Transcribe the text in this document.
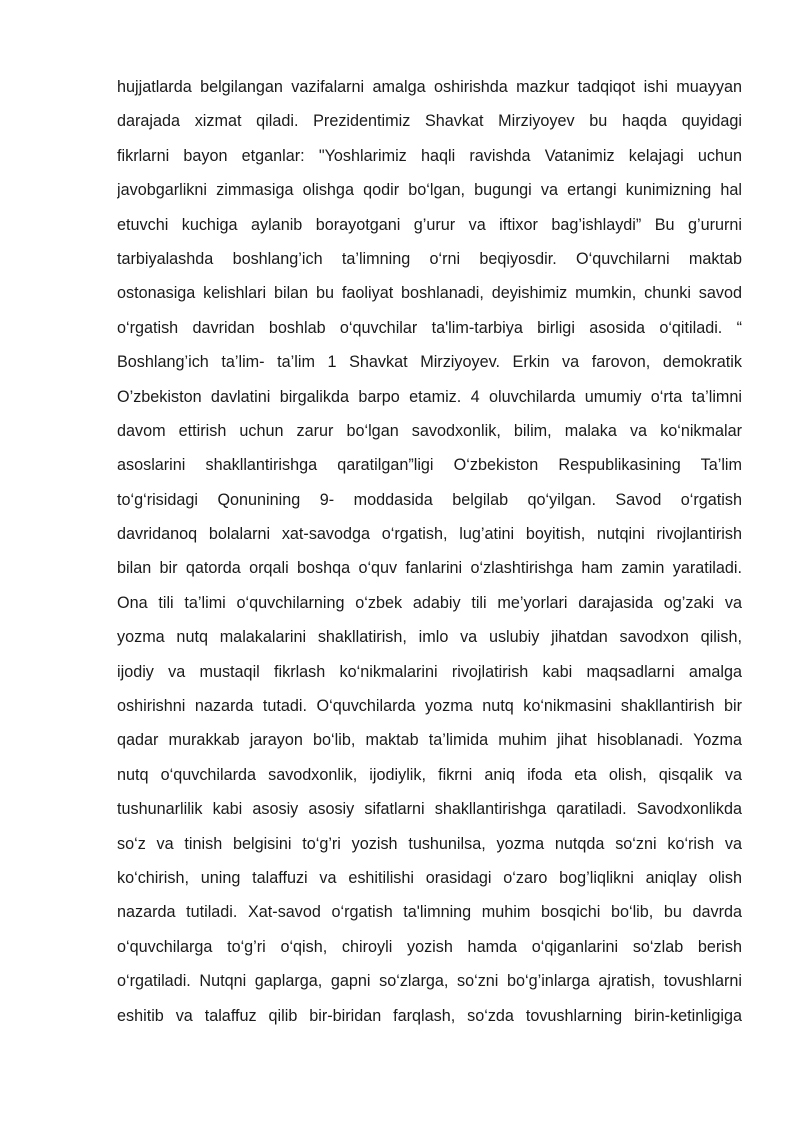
hujjatlarda belgilangan vazifalarni amalga oshirishda mazkur tadqiqot ishi muayyan
darajada xizmat qiladi. Prezidentimiz Shavkat Mirziyoyev bu haqda quyidagi
fikrlarni bayon etganlar: "Yoshlarimiz haqli ravishda Vatanimiz kelajagi uchun
javobgarlikni zimmasiga olishga qodir bo‘lgan, bugungi va ertangi kunimizning hal
etuvchi kuchiga aylanib borayotgani g’urur va iftixor bag’ishlaydi” Bu g’ururni
tarbiyalashda boshlang’ich ta’limning o‘rni beqiyosdir. O‘quvchilarni maktab
ostonasiga kelishlari bilan bu faoliyat boshlanadi, deyishimiz mumkin, chunki savod
o‘rgatish davridan boshlab o‘quvchilar ta'lim-tarbiya birligi asosida o‘qitiladi. “
Boshlang’ich ta’lim- ta’lim 1 Shavkat Mirziyoyev. Erkin va farovon, demokratik
O’zbekiston davlatini birgalikda barpo etamiz. 4 oluvchilarda umumiy o‘rta ta’limni
davom ettirish uchun zarur bo‘lgan savodxonlik, bilim, malaka va ko‘nikmalar
asoslarini shakllantirishga qaratilgan”ligi O‘zbekiston Respublikasining Ta’lim
to‘g‘risidagi Qonunining 9- moddasida belgilab qo‘yilgan. Savod o‘rgatish
davridanoq bolalarni xat-savodga o‘rgatish, lug’atini boyitish, nutqini rivojlantirish
bilan bir qatorda orqali boshqa o‘quv fanlarini o‘zlashtirishga ham zamin yaratiladi.
Ona tili ta’limi o‘quvchilarning o‘zbek adabiy tili me’yorlari darajasida og’zaki va
yozma nutq malakalarini shakllatirish, imlo va uslubiy jihatdan savodxon qilish,
ijodiy va mustaqil fikrlash ko‘nikmalarini rivojlatirish kabi maqsadlarni amalga
oshirishni nazarda tutadi. O‘quvchilarda yozma nutq ko‘nikmasini shakllantirish bir
qadar murakkab jarayon bo‘lib, maktab ta’limida muhim jihat hisoblanadi. Yozma
nutq o‘quvchilarda savodxonlik, ijodiylik, fikrni aniq ifoda eta olish, qisqalik va
tushunarlilik kabi asosiy asosiy sifatlarni shakllantirishga qaratiladi. Savodxonlikda
so‘z va tinish belgisini to‘g’ri yozish tushunilsa, yozma nutqda so‘zni ko‘rish va
ko‘chirish, uning talaffuzi va eshitilishi orasidagi o‘zaro bog’liqlikni aniqlay olish
nazarda tutiladi. Xat-savod o‘rgatish ta'limning muhim bosqichi bo‘lib, bu davrda
o‘quvchilarga to‘g’ri o‘qish, chiroyli yozish hamda o‘qiganlarini so‘zlab berish
o‘rgatiladi. Nutqni gaplarga, gapni so‘zlarga, so‘zni bo‘g’inlarga ajratish, tovushlarni
eshitib va talaffuz qilib bir-biridan farqlash, so‘zda tovushlarning birin-ketinligiga
